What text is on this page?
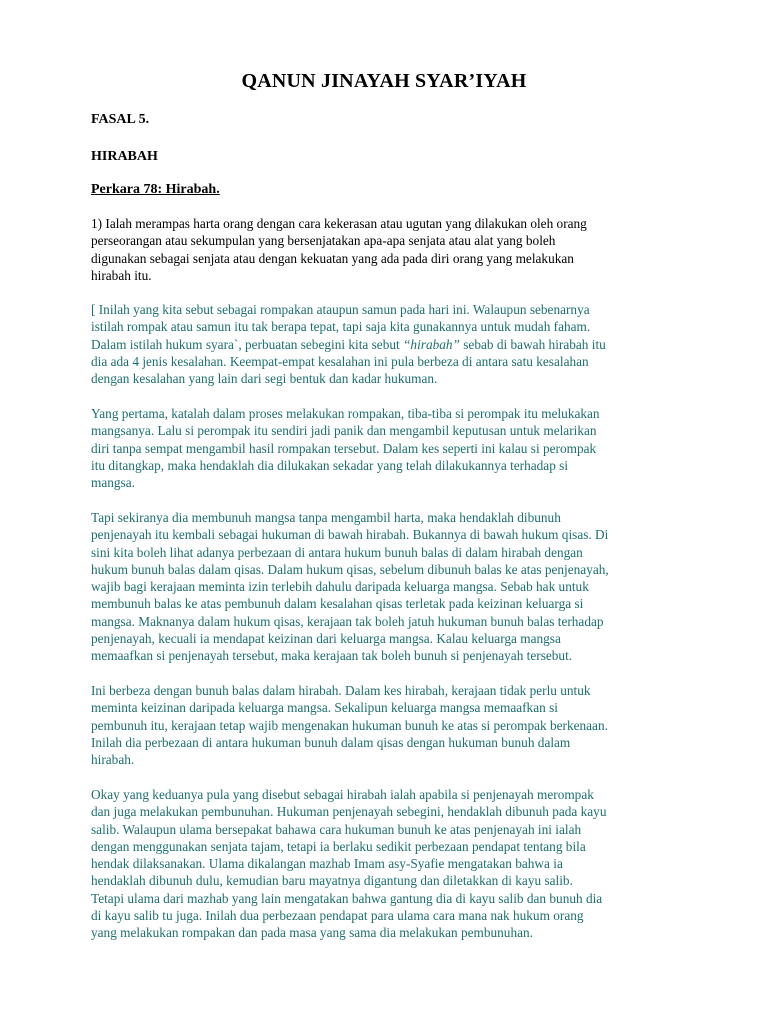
QANUN JINAYAH SYAR’IYAH
FASAL 5.
HIRABAH
Perkara 78: Hirabah.

1) Ialah merampas harta orang dengan cara kekerasan atau ugutan yang dilakukan oleh orang
perseorangan atau sekumpulan yang bersenjatakan apa-apa senjata atau alat yang boleh
digunakan sebagai senjata atau dengan kekuatan yang ada pada diri orang yang melakukan
hirabah itu.

[ Inilah yang kita sebut sebagai rompakan ataupun samun pada hari ini. Walaupun sebenarnya
istilah rompak atau samun itu tak berapa tepat, tapi saja kita gunakannya untuk mudah faham.
Dalam istilah hukum syara`, perbuatan sebegini kita sebut “hirabah” sebab di bawah hirabah itu
dia ada 4 jenis kesalahan. Keempat-empat kesalahan ini pula berbeza di antara satu kesalahan
dengan kesalahan yang lain dari segi bentuk dan kadar hukuman.

Yang pertama, katalah dalam proses melakukan rompakan, tiba-tiba si perompak itu melukakan
mangsanya. Lalu si perompak itu sendiri jadi panik dan mengambil keputusan untuk melarikan
diri tanpa sempat mengambil hasil rompakan tersebut. Dalam kes seperti ini kalau si perompak
itu ditangkap, maka hendaklah dia dilukakan sekadar yang telah dilakukannya terhadap si
mangsa.

Tapi sekiranya dia membunuh mangsa tanpa mengambil harta, maka hendaklah dibunuh
penjenayah itu kembali sebagai hukuman di bawah hirabah. Bukannya di bawah hukum qisas. Di
sini kita boleh lihat adanya perbezaan di antara hukum bunuh balas di dalam hirabah dengan
hukum bunuh balas dalam qisas. Dalam hukum qisas, sebelum dibunuh balas ke atas penjenayah,
wajib bagi kerajaan meminta izin terlebih dahulu daripada keluarga mangsa. Sebab hak untuk
membunuh balas ke atas pembunuh dalam kesalahan qisas terletak pada keizinan keluarga si
mangsa. Maknanya dalam hukum qisas, kerajaan tak boleh jatuh hukuman bunuh balas terhadap
penjenayah, kecuali ia mendapat keizinan dari keluarga mangsa. Kalau keluarga mangsa
memaafkan si penjenayah tersebut, maka kerajaan tak boleh bunuh si penjenayah tersebut.

Ini berbeza dengan bunuh balas dalam hirabah. Dalam kes hirabah, kerajaan tidak perlu untuk
meminta keizinan daripada keluarga mangsa. Sekalipun keluarga mangsa memaafkan si
pembunuh itu, kerajaan tetap wajib mengenakan hukuman bunuh ke atas si perompak berkenaan.
Inilah dia perbezaan di antara hukuman bunuh dalam qisas dengan hukuman bunuh dalam
hirabah.

Okay yang keduanya pula yang disebut sebagai hirabah ialah apabila si penjenayah merompak
dan juga melakukan pembunuhan. Hukuman penjenayah sebegini, hendaklah dibunuh pada kayu
salib. Walaupun ulama bersepakat bahawa cara hukuman bunuh ke atas penjenayah ini ialah
dengan menggunakan senjata tajam, tetapi ia berlaku sedikit perbezaan pendapat tentang bila
hendak dilaksanakan. Ulama dikalangan mazhab Imam asy-Syafie mengatakan bahwa ia
hendaklah dibunuh dulu, kemudian baru mayatnya digantung dan diletakkan di kayu salib.
Tetapi ulama dari mazhab yang lain mengatakan bahwa gantung dia di kayu salib dan bunuh dia
di kayu salib tu juga. Inilah dua perbezaan pendapat para ulama cara mana nak hukum orang
yang melakukan rompakan dan pada masa yang sama dia melakukan pembunuhan.
